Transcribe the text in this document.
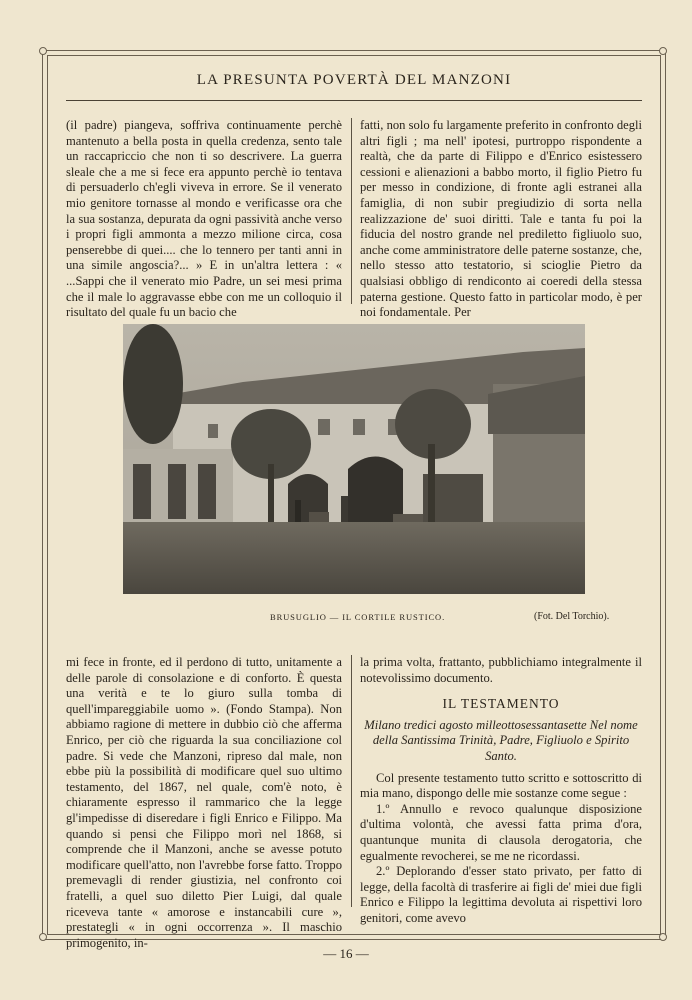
LA PRESUNTA POVERTÀ DEL MANZONI

(il padre) piangeva, soffriva continuamente perchè mantenuto a bella posta in quella credenza, sento tale un raccapriccio che non ti so descrivere. La guerra sleale che a me si fece era appunto perchè io tentava di persuaderlo ch'egli viveva in errore. Se il venerato mio genitore tornasse al mondo e verificasse ora che la sua sostanza, depurata da ogni passività anche verso i propri figli ammonta a mezzo milione circa, cosa penserebbe di quei.... che lo tennero per tanti anni in una simile angoscia?... » E in un'altra lettera : « ...Sappi che il venerato mio Padre, un sei mesi prima che il male lo aggravasse ebbe con me un colloquio il risultato del quale fu un bacio che

fatti, non solo fu largamente preferito in confronto degli altri figli ; ma nell' ipotesi, purtroppo rispondente a realtà, che da parte di Filippo e d'Enrico esistessero cessioni e alienazioni a babbo morto, il figlio Pietro fu per messo in condizione, di fronte agli estranei alla famiglia, di non subir pregiudizio di sorta nella realizzazione de' suoi diritti. Tale e tanta fu poi la fiducia del nostro grande nel prediletto figliuolo suo, anche come amministratore delle paterne sostanze, che, nello stesso atto testatorio, si scioglie Pietro da qualsiasi obbligo di rendiconto ai coeredi della stessa paterna gestione. Questo fatto in particolar modo, è per noi fondamentale. Per

BRUSUGLIO — IL CORTILE RUSTICO.	(Fot. Del Torchio).

mi fece in fronte, ed il perdono di tutto, unitamente a delle parole di consolazione e di conforto. È questa una verità e te lo giuro sulla tomba di quell'impareggiabile uomo ». (Fondo Stampa). Non abbiamo ragione di mettere in dubbio ciò che afferma Enrico, per ciò che riguarda la sua conciliazione col padre. Si vede che Manzoni, ripreso dal male, non ebbe più la possibilità di modificare quel suo ultimo testamento, del 1867, nel quale, com'è noto, è chiaramente espresso il rammarico che la legge gl'impedisse di diseredare i figli Enrico e Filippo. Ma quando si pensi che Filippo morì nel 1868, si comprende che il Manzoni, anche se avesse potuto modificare quell'atto, non l'avrebbe forse fatto. Troppo premevagli di render giustizia, nel confronto coi fratelli, a quel suo diletto Pier Luigi, dal quale riceveva tante « amorose e instancabili cure », prestategli « in ogni occorrenza ». Il maschio primogenito, in-

la prima volta, frattanto, pubblichiamo integralmente il notevolissimo documento.

IL TESTAMENTO

Milano tredici agosto milleottosessantasette Nel nome della Santissima Trinità, Padre, Figliuolo e Spirito Santo.

Col presente testamento tutto scritto e sottoscritto di mia mano, dispongo delle mie sostanze come segue :

1.º Annullo e revoco qualunque disposizione d'ultima volontà, che avessi fatta prima d'ora, quantunque munita di clausola derogatoria, che egualmente revocherei, se me ne ricordassi.

2.º Deplorando d'esser stato privato, per fatto di legge, della facoltà di trasferire ai figli de' miei due figli Enrico e Filippo la legittima devoluta ai rispettivi loro genitori, come avevo

— 16 —
